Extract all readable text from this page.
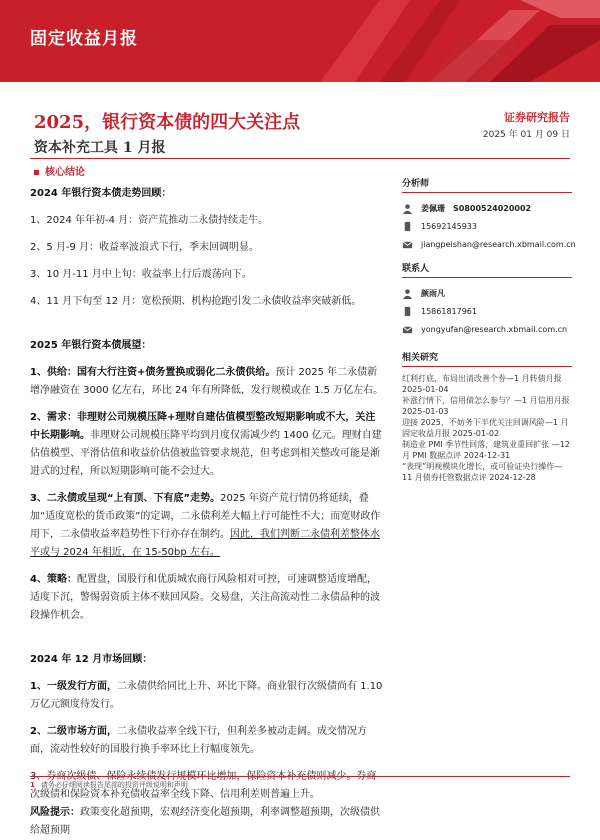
固定收益月报
2025，银行资本债的四大关注点
资本补充工具 1 月报
证券研究报告
2025 年 01 月 09 日
核心结论
2024 年银行资本债走势回顾：

1、2024 年年初-4 月：资产荒推动二永债持续走牛。

2、5 月-9 月：收益率波浪式下行，季末回调明显。

3、10 月-11 月中上旬：收益率上行后震荡向下。

4、11 月下旬至 12 月：宽松预期、机构抢跑引发二永债收益率突破新低。

2025 年银行资本债展望：

1、供给：国有大行注资+债务置换或弱化二永债供给。预计 2025 年二永债新增净融资在 3000 亿左右，环比 24 年有所降低，发行规模或在 1.5 万亿左右。

2、需求：非理财公司规模压降+理财自建估值模型整改短期影响或不大，关注中长期影响。非理财公司规模压降平均到月度仅需减少约 1400 亿元。理财自建估值模型、平滑估值和收益价估值被监管要求规范，但考虑到相关整改可能是渐进式的过程，所以短期影响可能不会过大。

3、二永债或呈现“上有顶、下有底”走势。2025 年资产荒行情仍将延续，叠加“适度宽松的货币政策”的定调，二永债利差大幅上行可能性不大；而宽财政作用下，二永债收益率趋势性下行亦存在制约。因此，我们判断二永债利差整体水平或与 2024 年相近，在 15-50bp 左右。

4、策略：配置盘，国股行和优质城农商行风险相对可控，可速调整适度增配，适度下沉，警惕弱资质主体不赎回风险。交易盘，关注高流动性二永债品种的波段操作机会。

2024 年 12 月市场回顾：

1、一级发行方面，二永债供给同比上升、环比下降。商业银行次级债尚有 1.10 万亿元额度待发行。

2、二级市场方面，二永债收益率全线下行，但利差多被动走阔。成交情况方面，流动性较好的国股行换手率环比上行幅度领先。

3、券商次级债、保险永续债发行规模环比增加，保险资本补充债则减少。券商次级债和保险资本补充债收益率全线下降、信用利差则普遍上升。

风险提示：政策变化超预期，宏观经济变化超预期，利率调整超预期，次级债供给超预期

分析师
姜佩珊 S0800524020002
15692145933
jiangpeishan@research.xbmail.com.cn
联系人
颜雨凡
15861817961
yongyufan@research.xbmail.com.cn
相关研究
红利打底，布局出清改善个券—1 月转债月报 2025-01-04
补涨行情下，信用债怎么参与？—1 月信用月报 2025-01-03
迎接 2025，不妨务下半优关注回调风险—1 月固定收益月报 2025-01-02
制造业 PMI 季节性回落，建筑业重回扩张 —12 月 PMI 数据点评 2024-12-31
“表现”明视模块化增长，或可验证央行操作—11 月债券托管数据点评 2024-12-28
1 请务必仔细阅读报告尾部的投资评级说明和声明
